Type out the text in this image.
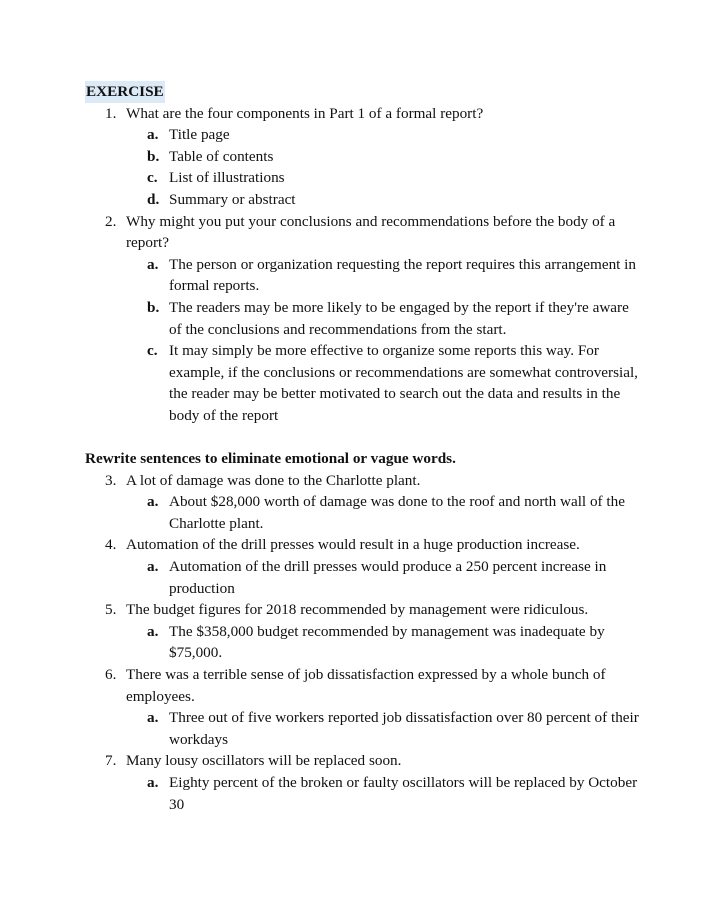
EXERCISE
1. What are the four components in Part 1 of a formal report?
a. Title page
b. Table of contents
c. List of illustrations
d. Summary or abstract
2. Why might you put your conclusions and recommendations before the body of a report?
a. The person or organization requesting the report requires this arrangement in formal reports.
b. The readers may be more likely to be engaged by the report if they're aware of the conclusions and recommendations from the start.
c. It may simply be more effective to organize some reports this way. For example, if the conclusions or recommendations are somewhat controversial, the reader may be better motivated to search out the data and results in the body of the report
Rewrite sentences to eliminate emotional or vague words.
3. A lot of damage was done to the Charlotte plant.
a. About $28,000 worth of damage was done to the roof and north wall of the Charlotte plant.
4. Automation of the drill presses would result in a huge production increase.
a. Automation of the drill presses would produce a 250 percent increase in production
5. The budget figures for 2018 recommended by management were ridiculous.
a. The $358,000 budget recommended by management was inadequate by $75,000.
6. There was a terrible sense of job dissatisfaction expressed by a whole bunch of employees.
a. Three out of five workers reported job dissatisfaction over 80 percent of their workdays
7. Many lousy oscillators will be replaced soon.
a. Eighty percent of the broken or faulty oscillators will be replaced by October 30
